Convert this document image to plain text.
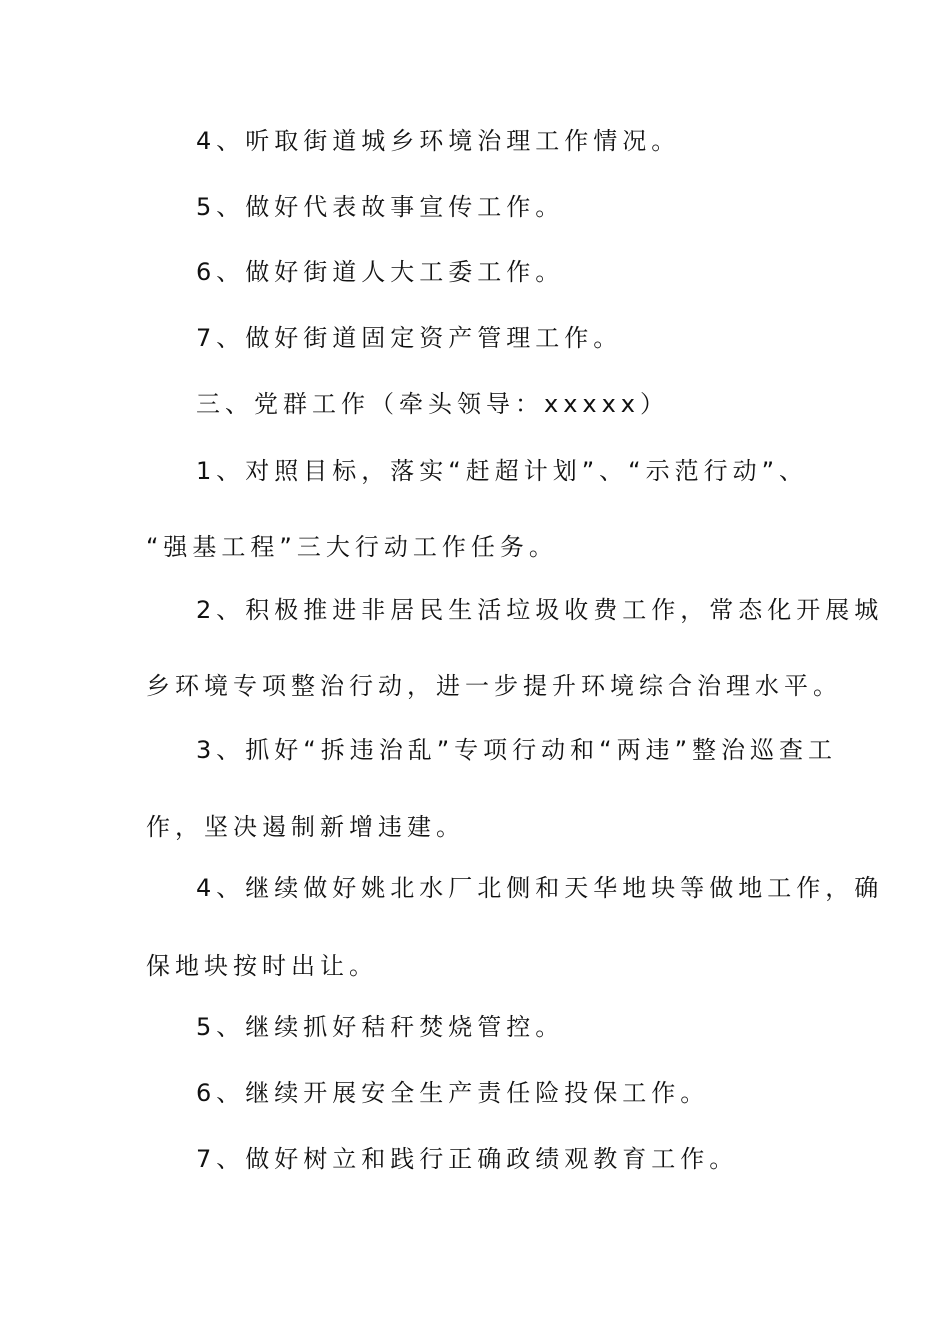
4、听取街道城乡环境治理工作情况。

5、做好代表故事宣传工作。

6、做好街道人大工委工作。

7、做好街道固定资产管理工作。

三、党群工作（牵头领导：xxxxx）

1、对照目标，落实“赶超计划”、“示范行动”、

“强基工程”三大行动工作任务。

2、积极推进非居民生活垃圾收费工作，常态化开展城

乡环境专项整治行动，进一步提升环境综合治理水平。

3、抓好“拆违治乱”专项行动和“两违”整治巡查工

作，坚决遏制新增违建。

4、继续做好姚北水厂北侧和天华地块等做地工作，确

保地块按时出让。

5、继续抓好秸秆焚烧管控。

6、继续开展安全生产责任险投保工作。

7、做好树立和践行正确政绩观教育工作。
